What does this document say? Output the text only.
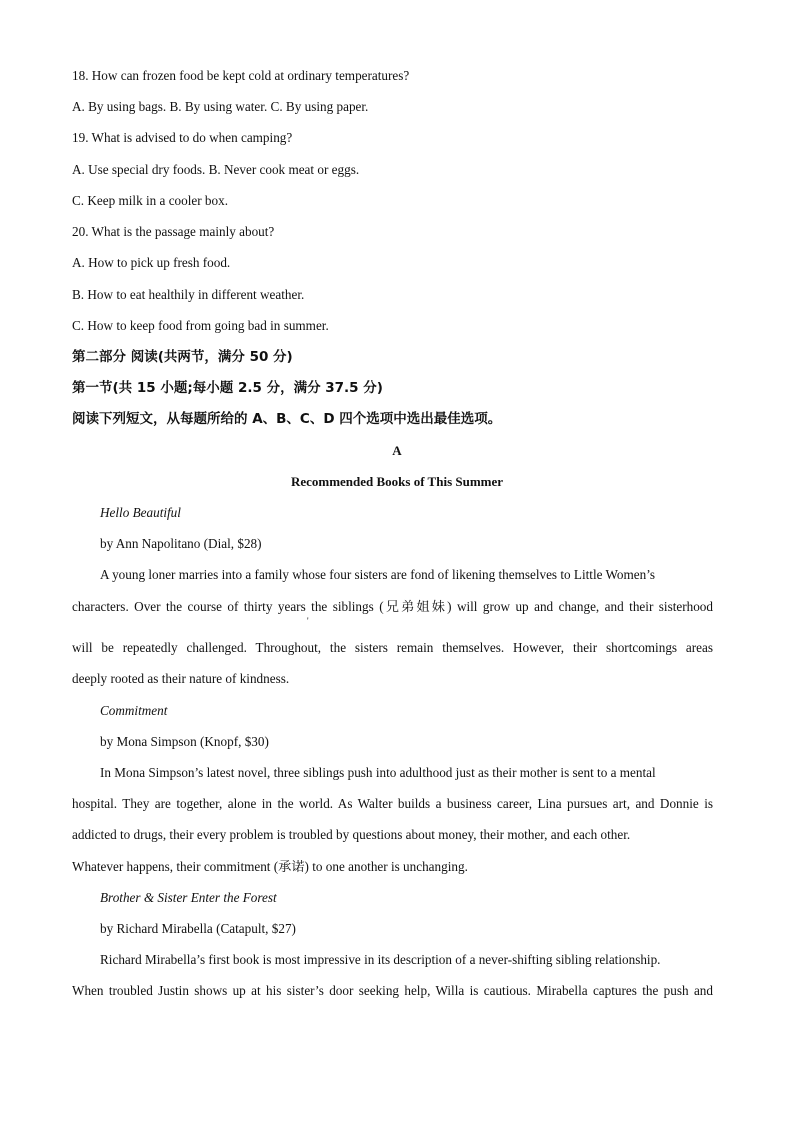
18. How can frozen food be kept cold at ordinary temperatures?
A. By using bags. B. By using water. C. By using paper.
19. What is advised to do when camping?
A. Use special dry foods. B. Never cook meat or eggs.
C. Keep milk in a cooler box.
20. What is the passage mainly about?
A. How to pick up fresh food.
B. How to eat healthily in different weather.
C. How to keep food from going bad in summer.
第二部分 阅读(共两节，满分 50 分)
第一节(共 15 小题;每小题 2.5 分，满分 37.5 分)
阅读下列短文，从每题所给的 A、B、C、D 四个选项中选出最佳选项。
A
Recommended Books of This Summer
Hello Beautiful
by Ann Napolitano (Dial, $28)
A young loner marries into a family whose four sisters are fond of likening themselves to Little Women’s
characters. Over the course of thirty years the siblings (兄弟姐妹) will grow up and change, and their sisterhood
'
will be repeatedly challenged. Throughout, the sisters remain themselves. However, their shortcomings areas
deeply rooted as their nature of kindness.
Commitment
by Mona Simpson (Knopf, $30)
In Mona Simpson’s latest novel, three siblings push into adulthood just as their mother is sent to a mental
hospital. They are together, alone in the world. As Walter builds a business career, Lina pursues art, and Donnie is
addicted to drugs, their every problem is troubled by questions about money, their mother, and each other.
Whatever happens, their commitment (承诺) to one another is unchanging.
Brother & Sister Enter the Forest
by Richard Mirabella (Catapult, $27)
Richard Mirabella’s first book is most impressive in its description of a never-shifting sibling relationship.
When troubled Justin shows up at his sister’s door seeking help, Willa is cautious. Mirabella captures the push and
